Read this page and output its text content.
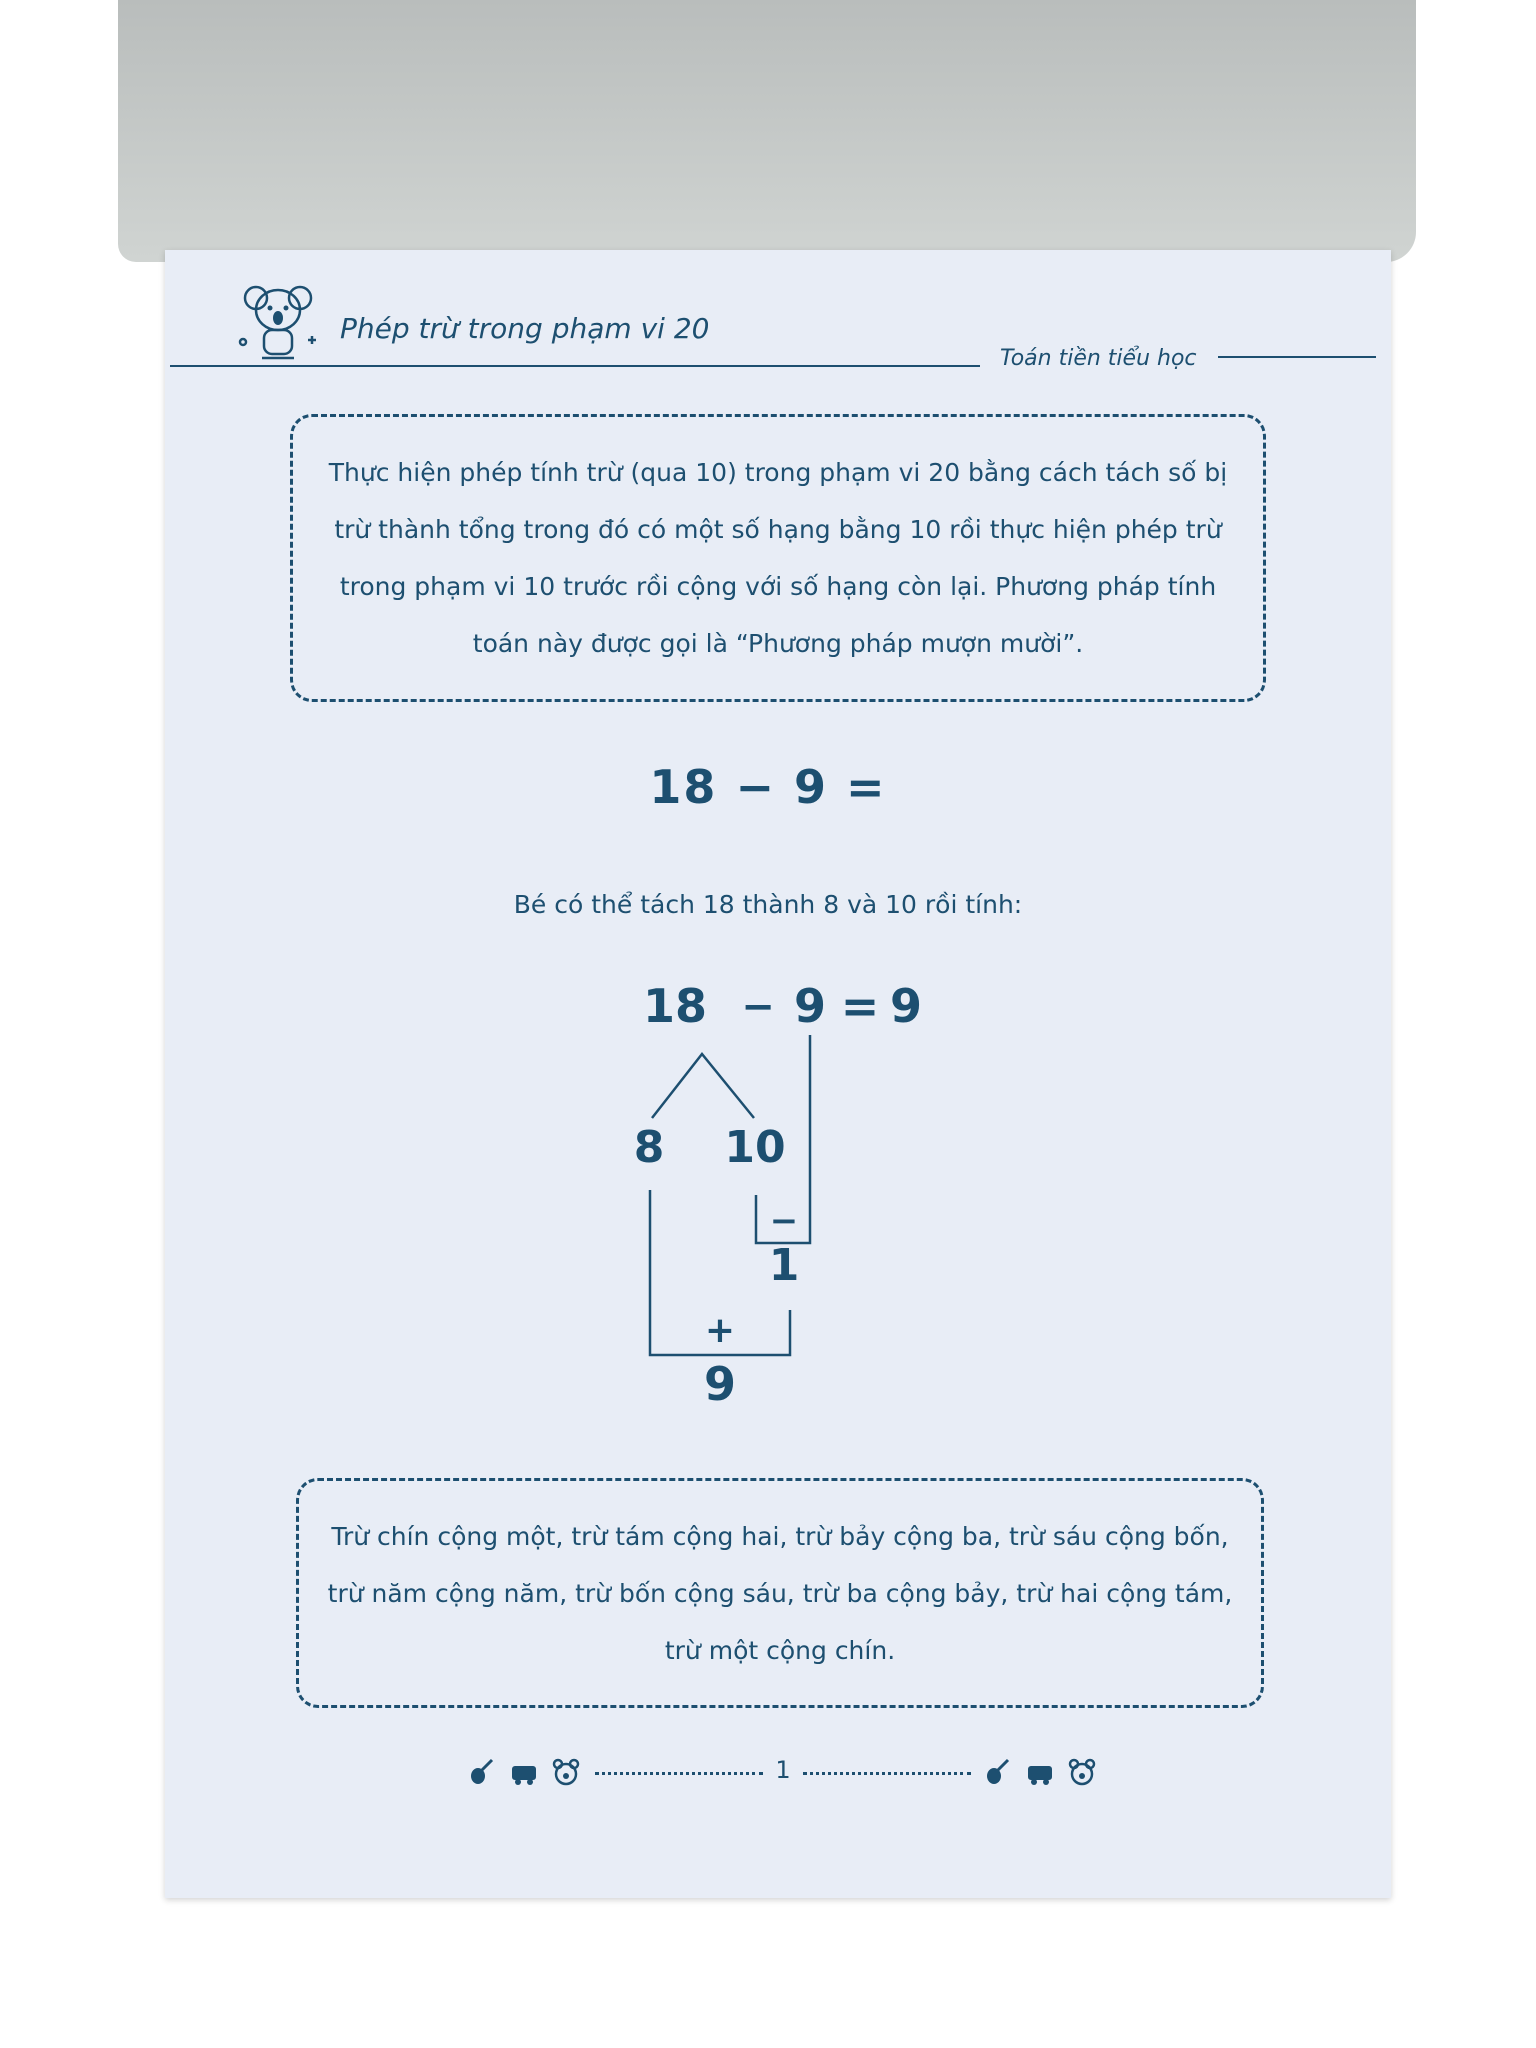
Phép trừ trong phạm vi 20
Toán tiền tiểu học
Thực hiện phép tính trừ (qua 10) trong phạm vi 20 bằng cách tách số bị trừ thành tổng trong đó có một số hạng bằng 10 rồi thực hiện phép trừ trong phạm vi 10 trước rồi cộng với số hạng còn lại. Phương pháp tính toán này được gọi là “Phương pháp mượn mười”.
18 − 9 =
Bé có thể tách 18 thành 8 và 10 rồi tính:
18 − 9 = 9
8 10
−
1
+
9
Trừ chín cộng một, trừ tám cộng hai, trừ bảy cộng ba, trừ sáu cộng bốn, trừ năm cộng năm, trừ bốn cộng sáu, trừ ba cộng bảy, trừ hai cộng tám, trừ một cộng chín.
1
